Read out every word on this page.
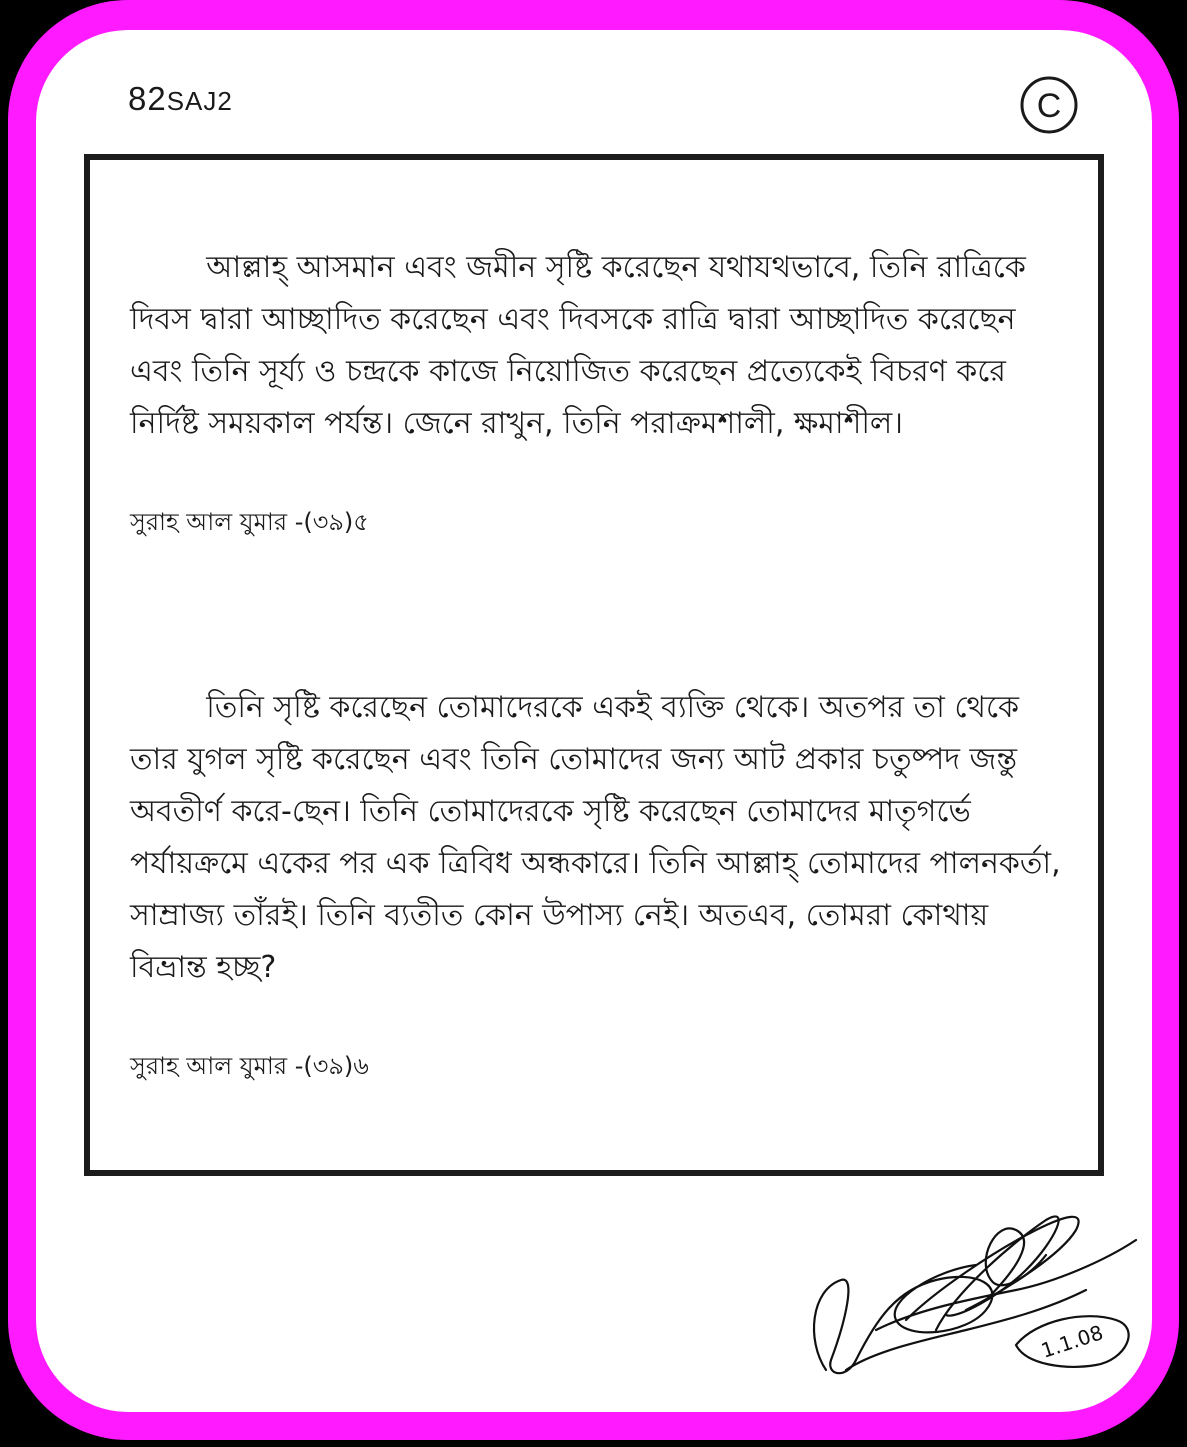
82SAJ2	C

আল্লাহ্ আসমান এবং জমীন সৃষ্টি করেছেন যথাযথভাবে, তিনি রাত্রিকে দিবস দ্বারা আচ্ছাদিত করেছেন এবং দিবসকে রাত্রি দ্বারা আচ্ছাদিত করেছেন এবং তিনি সূর্য্য ও চন্দ্রকে কাজে নিয়োজিত করেছেন প্রত্যেকেই বিচরণ করে নির্দিষ্ট সময়কাল পর্যন্ত। জেনে রাখুন, তিনি পরাক্রমশালী, ক্ষমাশীল।

সুরাহ আল যুমার -(৩৯)৫

তিনি সৃষ্টি করেছেন তোমাদেরকে একই ব্যক্তি থেকে। অতপর তা থেকে তার যুগল সৃষ্টি করেছেন এবং তিনি তোমাদের জন্য আট প্রকার চতুষ্পদ জন্তু অবতীর্ণ করে-ছেন। তিনি তোমাদেরকে সৃষ্টি করেছেন তোমাদের মাতৃগর্ভে পর্যায়ক্রমে একের পর এক ত্রিবিধ অন্ধকারে। তিনি আল্লাহ্ তোমাদের পালনকর্তা, সাম্রাজ্য তাঁরই। তিনি ব্যতীত কোন উপাস্য নেই। অতএব, তোমরা কোথায় বিভ্রান্ত হচ্ছ?

সুরাহ আল যুমার -(৩৯)৬

1.1.08
